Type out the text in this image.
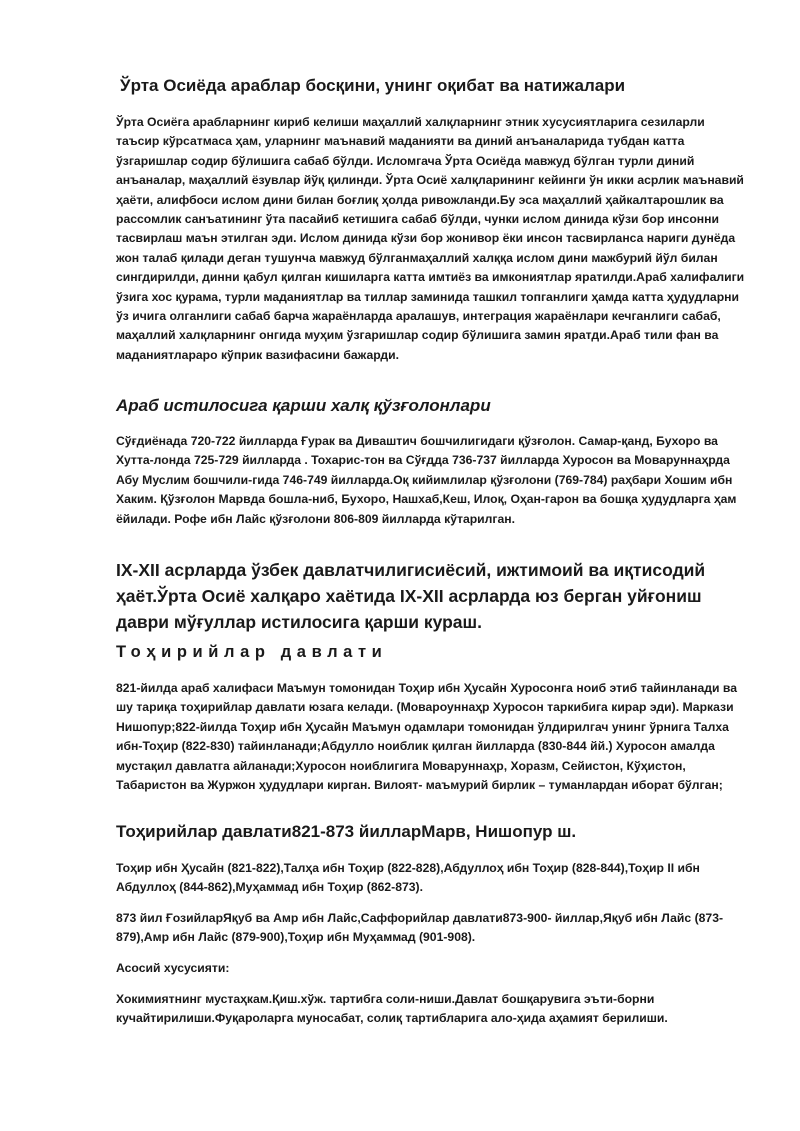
Ўрта Осиёда араблар босқини, унинг оқибат ва натижалари

Ўрта Осиёга арабларнинг кириб келиши маҳаллий халқларнинг этник хусусиятларига сезиларли таъсир кўрсатмаса ҳам, уларнинг маънавий маданияти ва диний анъаналарида тубдан катта ўзгаришлар содир бўлишига сабаб бўлди. Исломгача Ўрта Осиёда мавжуд бўлган турли диний анъаналар, маҳаллий ёзувлар йўқ қилинди. Ўрта Осиё халқларининг кейинги ўн икки асрлик маънавий ҳаёти, алифбоси ислом дини билан боғлиқ ҳолда ривожланди.Бу эса маҳаллий ҳайкалтарошлик ва рассомлик санъатининг ўта пасайиб кетишига сабаб бўлди, чунки ислом динида кўзи бор инсонни тасвирлаш маън этилган эди. Ислом динида кўзи бор жонивор ёки инсон тасвирланса нариги дунёда жон талаб қилади деган тушунча мавжуд бўлганмаҳаллий халққа ислом дини мажбурий йўл билан сингдирилди, динни қабул қилган кишиларга катта имтиёз ва имкониятлар яратилди.Араб халифалиги ўзига хос қурама, турли маданиятлар ва тиллар заминида ташкил топганлиги ҳамда катта ҳудудларни ўз ичига олганлиги сабаб барча жараёнларда аралашув, интеграция жараёнлари кечганлиги сабаб, маҳаллий халқларнинг онгида муҳим ўзгаришлар содир бўлишига замин яратди.Араб тили фан ва маданиятлараро кўприк вазифасини бажарди.

Араб истилосига қарши халқ қўзғолонлари

Сўғдиёнада 720-722 йилларда Ғурак ва Диваштич бошчилигидаги қўзғолон. Самар-қанд, Бухоро ва Хутта-лонда 725-729 йилларда . Тохарис-тон ва Сўғдда 736-737 йилларда Хуросон ва Моваруннаҳрда Абу Муслим бошчили-гида 746-749 йилларда.Оқ кийимлилар қўзғолони (769-784) раҳбари Хошим ибн Хаким. Қўзғолон Марвда бошла-ниб, Бухоро, Нашхаб,Кеш, Илоқ, Оҳан-гарон ва бошқа ҳудудларга ҳам ёйилади. Рофе ибн Лайс қўзғолони 806-809 йилларда кўтарилган.

IX-XII асрларда ўзбек давлатчилигисиёсий, ижтимоий ва иқтисодий ҳаёт.Ўрта Осиё халқаро хаётида IX-XII асрларда юз берган уйғониш даври мўғуллар истилосига қарши кураш.
Тоҳирийлар давлати

821-йилда араб халифаси Маъмун томонидан Тоҳир ибн Ҳусайн Хуросонга ноиб этиб тайинланади ва шу тариқа тоҳирийлар давлати юзага келади. (Мовароуннаҳр Хуросон таркибига кирар эди). Маркази Нишопур;822-йилда Тоҳир ибн Ҳусайн Маъмун одамлари томонидан ўлдирилгач унинг ўрнига Талха ибн-Тоҳир (822-830) тайинланади;Абдулло ноиблик қилган йилларда (830-844 йй.) Хуросон амалда мустақил давлатга айланади;Хуросон ноиблигига Моваруннаҳр, Хоразм, Сейистон, Кўҳистон, Табаристон ва Журжон ҳудудлари кирган. Вилоят- маъмурий бирлик – туманлардан иборат бўлган;

Тоҳирийлар давлати821-873 йилларМарв, Нишопур ш.

Тоҳир ибн Ҳусайн (821-822),Талҳа ибн Тоҳир (822-828),Абдуллоҳ ибн Тоҳир (828-844),Тоҳир II ибн Абдуллоҳ (844-862),Муҳаммад ибн Тоҳир (862-873).

873 йил ҒозийларЯқуб ва Амр ибн Лайс,Саффорийлар давлати873-900- йиллар,Яқуб ибн Лайс (873-879),Амр ибн Лайс (879-900),Тоҳир ибн Муҳаммад (901-908).

Асосий хусусияти:

Хокимиятнинг мустаҳкам.Қиш.хўж. тартибга соли-ниши.Давлат бошқарувига эъти-борни кучайтирилиши.Фуқароларга муносабат, солиқ тартибларига ало-ҳида аҳамият берилиши.
